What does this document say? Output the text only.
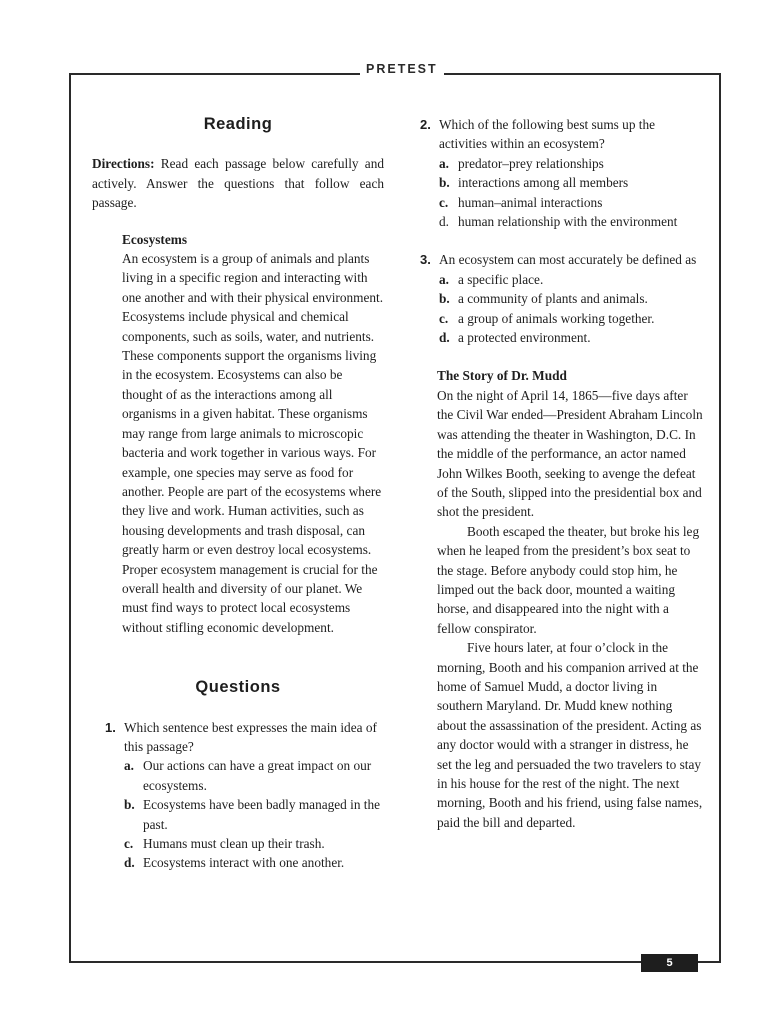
PRETEST
5
Reading
Directions: Read each passage below carefully and actively. Answer the questions that follow each passage.
Ecosystems

An ecosystem is a group of animals and plants living in a specific region and interacting with one another and with their physical environment. Ecosystems include physical and chemical components, such as soils, water, and nutrients. These components support the organisms living in the ecosystem. Ecosystems can also be thought of as the interactions among all organisms in a given habitat. These organisms may range from large animals to microscopic bacteria and work together in various ways. For example, one species may serve as food for another. People are part of the ecosystems where they live and work. Human activities, such as housing developments and trash disposal, can greatly harm or even destroy local ecosystems. Proper ecosystem management is crucial for the overall health and diversity of our planet. We must find ways to protect local ecosystems without stifling economic development.

Questions
1. Which sentence best expresses the main idea of this passage?
a. Our actions can have a great impact on our ecosystems.
b. Ecosystems have been badly managed in the past.
c. Humans must clean up their trash.
d. Ecosystems interact with one another.
2. Which of the following best sums up the activities within an ecosystem?
a. predator–prey relationships
b. interactions among all members
c. human–animal interactions
d. human relationship with the environment
3. An ecosystem can most accurately be defined as
a. a specific place.
b. a community of plants and animals.
c. a group of animals working together.
d. a protected environment.
The Story of Dr. Mudd

On the night of April 14, 1865—five days after the Civil War ended—President Abraham Lincoln was attending the theater in Washington, D.C. In the middle of the performance, an actor named John Wilkes Booth, seeking to avenge the defeat of the South, slipped into the presidential box and shot the president.

Booth escaped the theater, but broke his leg when he leaped from the president’s box seat to the stage. Before anybody could stop him, he limped out the back door, mounted a waiting horse, and disappeared into the night with a fellow conspirator.

Five hours later, at four o’clock in the morning, Booth and his companion arrived at the home of Samuel Mudd, a doctor living in southern Maryland. Dr. Mudd knew nothing about the assassination of the president. Acting as any doctor would with a stranger in distress, he set the leg and persuaded the two travelers to stay in his house for the rest of the night. The next morning, Booth and his friend, using false names, paid the bill and departed.
